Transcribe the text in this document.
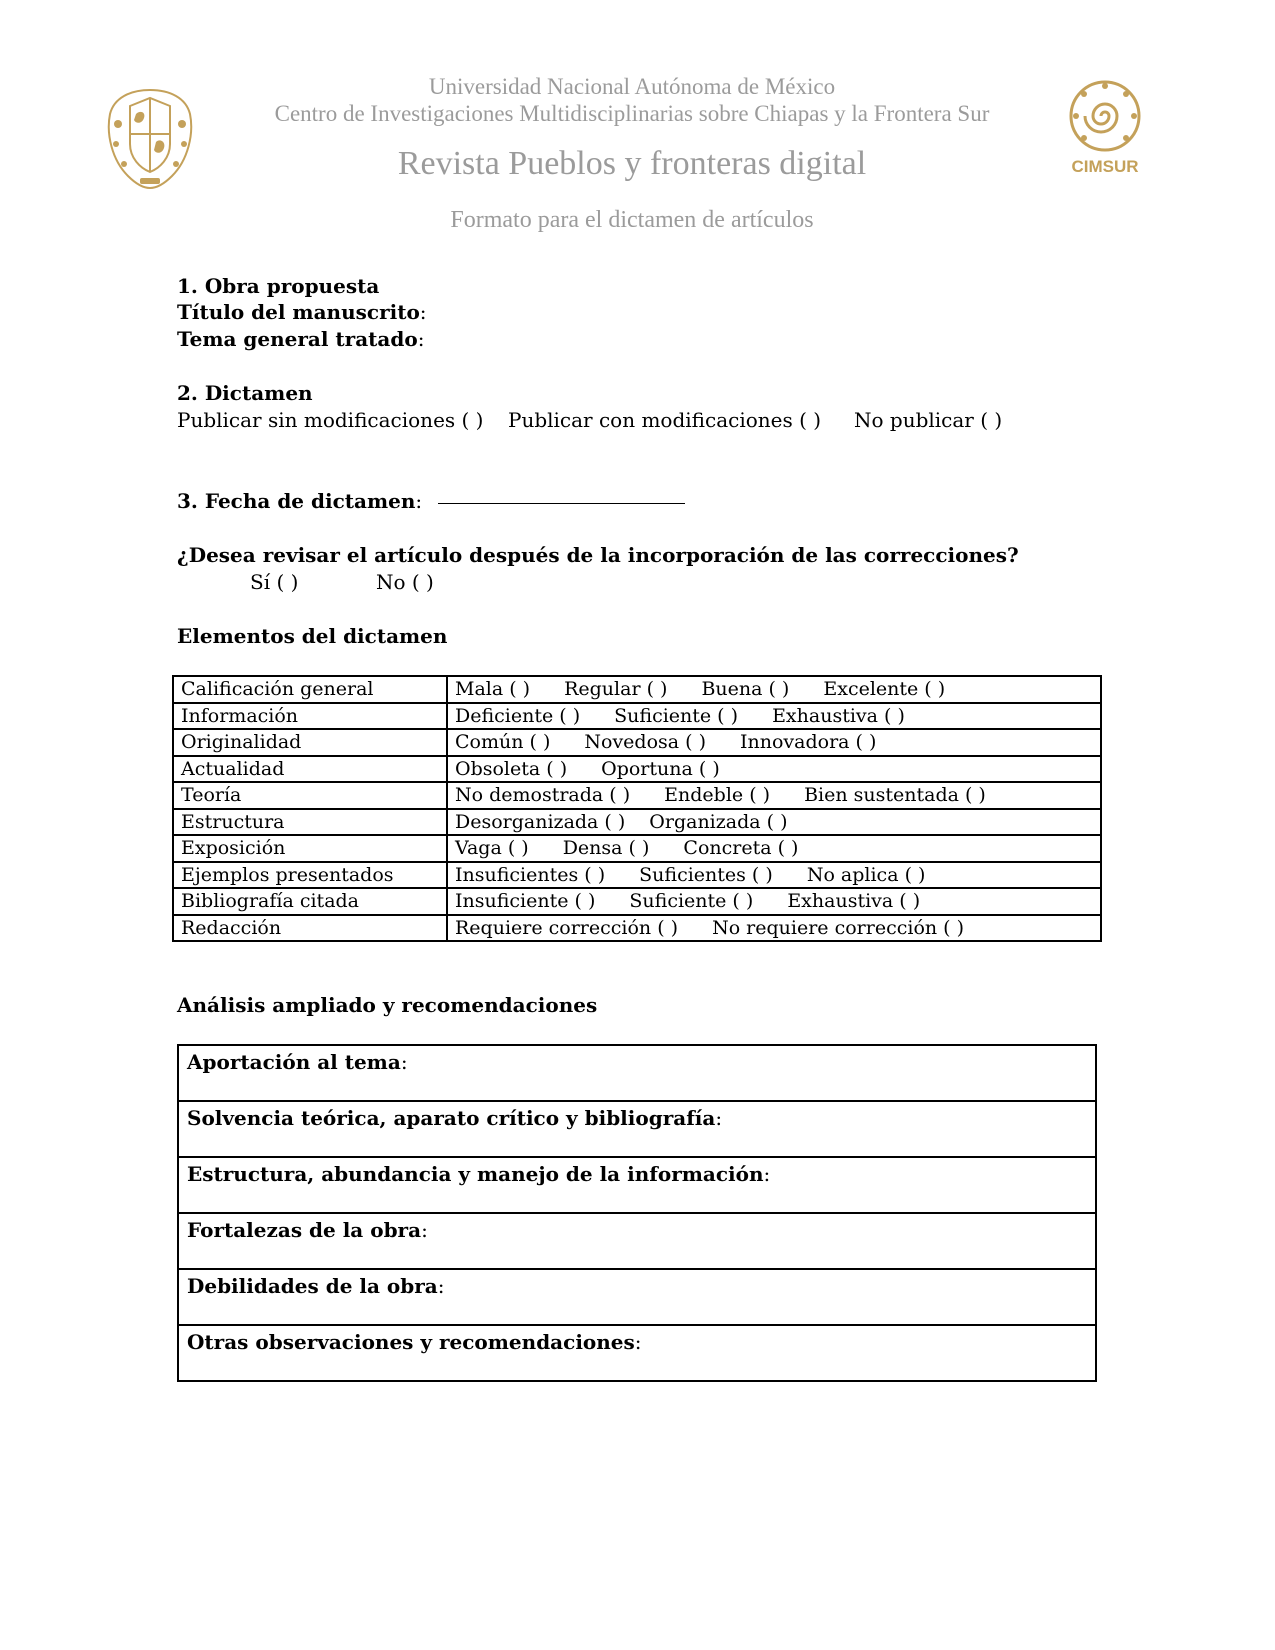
Universidad Nacional Autónoma de México
Centro de Investigaciones Multidisciplinarias sobre Chiapas y la Frontera Sur
Revista Pueblos y fronteras digital
Formato para el dictamen de artículos
CIMSUR
1. Obra propuesta
Título del manuscrito:
Tema general tratado:
2. Dictamen
Publicar sin modificaciones ( ) Publicar con modificaciones ( ) No publicar ( )
3. Fecha de dictamen:
¿Desea revisar el artículo después de la incorporación de las correcciones?
Sí ( )	No ( )
Elementos del dictamen
Calificación general	Mala ( ) Regular ( ) Buena ( ) Excelente ( )
Información	Deficiente ( ) Suficiente ( ) Exhaustiva ( )
Originalidad	Común ( ) Novedosa ( ) Innovadora ( )
Actualidad	Obsoleta ( ) Oportuna ( )
Teoría	No demostrada ( ) Endeble ( ) Bien sustentada ( )
Estructura	Desorganizada ( ) Organizada ( )
Exposición	Vaga ( ) Densa ( ) Concreta ( )
Ejemplos presentados	Insuficientes ( ) Suficientes ( ) No aplica ( )
Bibliografía citada	Insuficiente ( ) Suficiente ( ) Exhaustiva ( )
Redacción	Requiere corrección ( ) No requiere corrección ( )
Análisis ampliado y recomendaciones
Aportación al tema:
Solvencia teórica, aparato crítico y bibliografía:
Estructura, abundancia y manejo de la información:
Fortalezas de la obra:
Debilidades de la obra:
Otras observaciones y recomendaciones:
